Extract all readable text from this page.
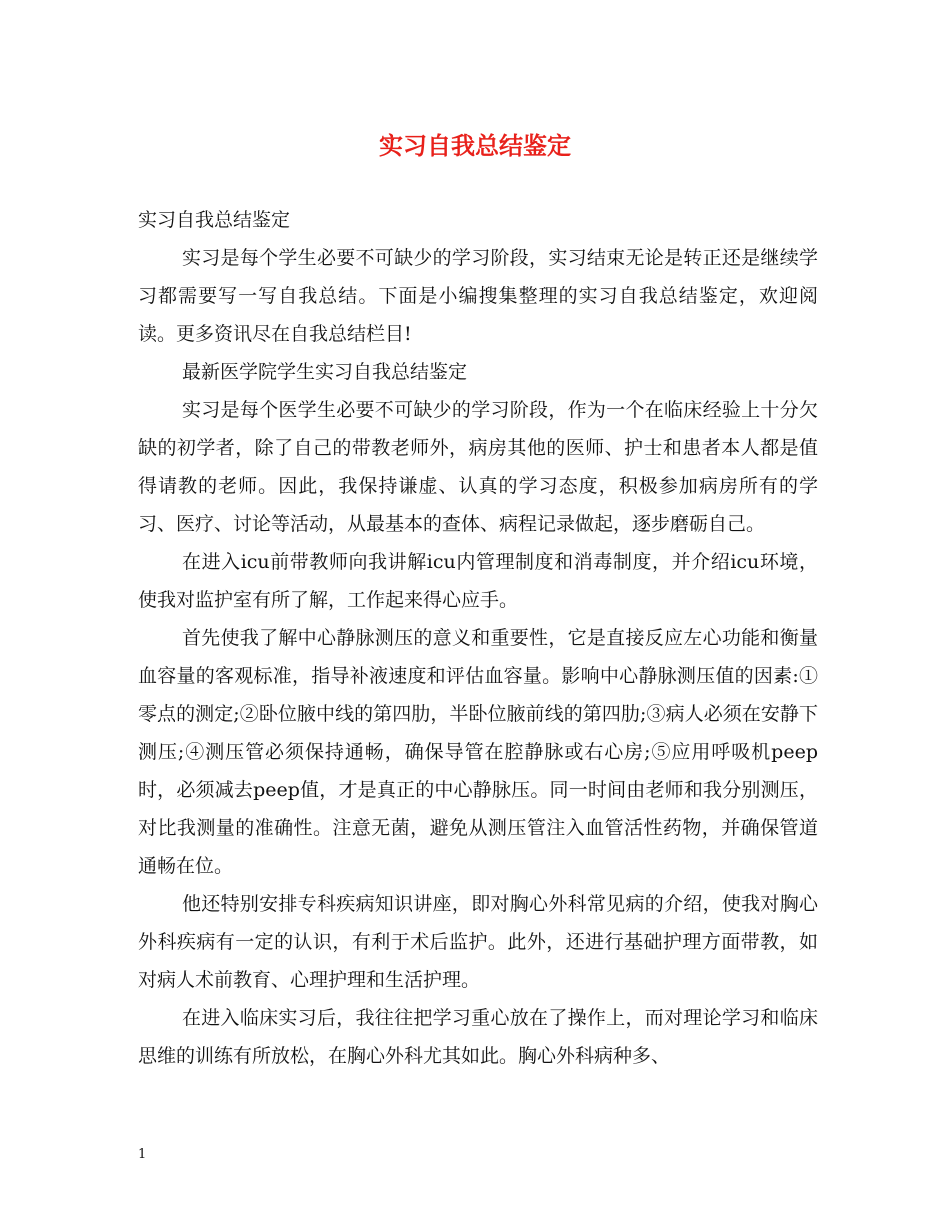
实习自我总结鉴定

实习自我总结鉴定

实习是每个学生必要不可缺少的学习阶段，实习结束无论是转正还是继续学习都需要写一写自我总结。下面是小编搜集整理的实习自我总结鉴定，欢迎阅读。更多资讯尽在自我总结栏目!

最新医学院学生实习自我总结鉴定

实习是每个医学生必要不可缺少的学习阶段，作为一个在临床经验上十分欠缺的初学者，除了自己的带教老师外，病房其他的医师、护士和患者本人都是值得请教的老师。因此，我保持谦虚、认真的学习态度，积极参加病房所有的学习、医疗、讨论等活动，从最基本的查体、病程记录做起，逐步磨砺自己。

在进入icu前带教师向我讲解icu内管理制度和消毒制度，并介绍icu环境，使我对监护室有所了解，工作起来得心应手。

首先使我了解中心静脉测压的意义和重要性，它是直接反应左心功能和衡量血容量的客观标准，指导补液速度和评估血容量。影响中心静脉测压值的因素:①零点的测定;②卧位腋中线的第四肋，半卧位腋前线的第四肋;③病人必须在安静下测压;④测压管必须保持通畅，确保导管在腔静脉或右心房;⑤应用呼吸机peep时，必须减去peep值，才是真正的中心静脉压。同一时间由老师和我分别测压，对比我测量的准确性。注意无菌，避免从测压管注入血管活性药物，并确保管道通畅在位。

他还特别安排专科疾病知识讲座，即对胸心外科常见病的介绍，使我对胸心外科疾病有一定的认识，有利于术后监护。此外，还进行基础护理方面带教，如对病人术前教育、心理护理和生活护理。

在进入临床实习后，我往往把学习重心放在了操作上，而对理论学习和临床思维的训练有所放松，在胸心外科尤其如此。胸心外科病种多、

1
